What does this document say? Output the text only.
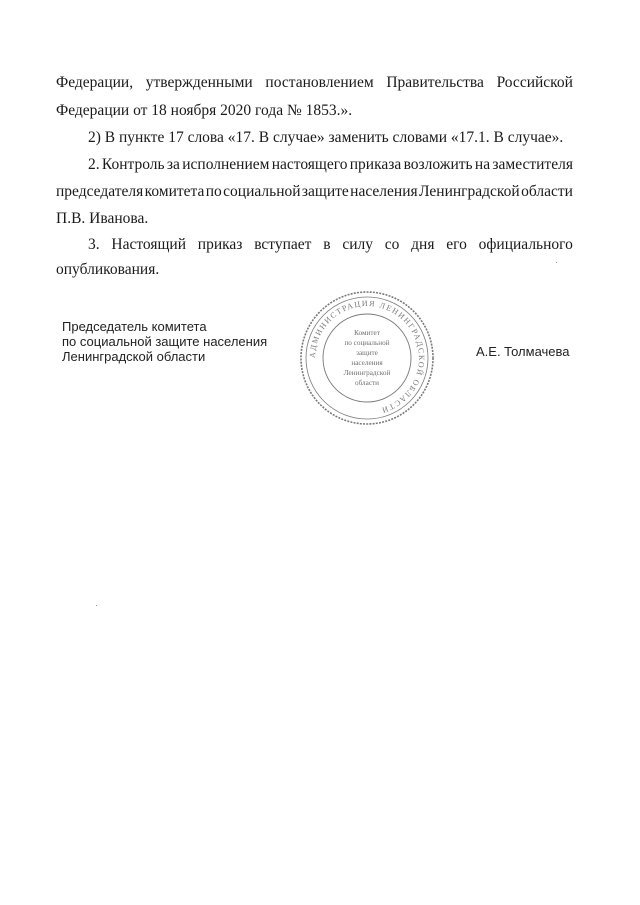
Федерации, утвержденными постановлением Правительства Российской
Федерации от 18 ноября 2020 года № 1853.».
2) В пункте 17 слова «17. В случае» заменить словами «17.1. В случае».
2. Контроль за исполнением настоящего приказа возложить на заместителя
председателя комитета по социальной защите населения Ленинградской области
П.В. Иванова.
3. Настоящий приказ вступает в силу со дня его официального
опубликования.
Председатель комитета
по социальной защите населения
Ленинградской области	А.Е. Толмачева
АДМИНИСТРАЦИЯ ЛЕНИНГРАДСКОЙ ОБЛАСТИ
Комитет
по социальной
защите
населения
Ленинградской
области
